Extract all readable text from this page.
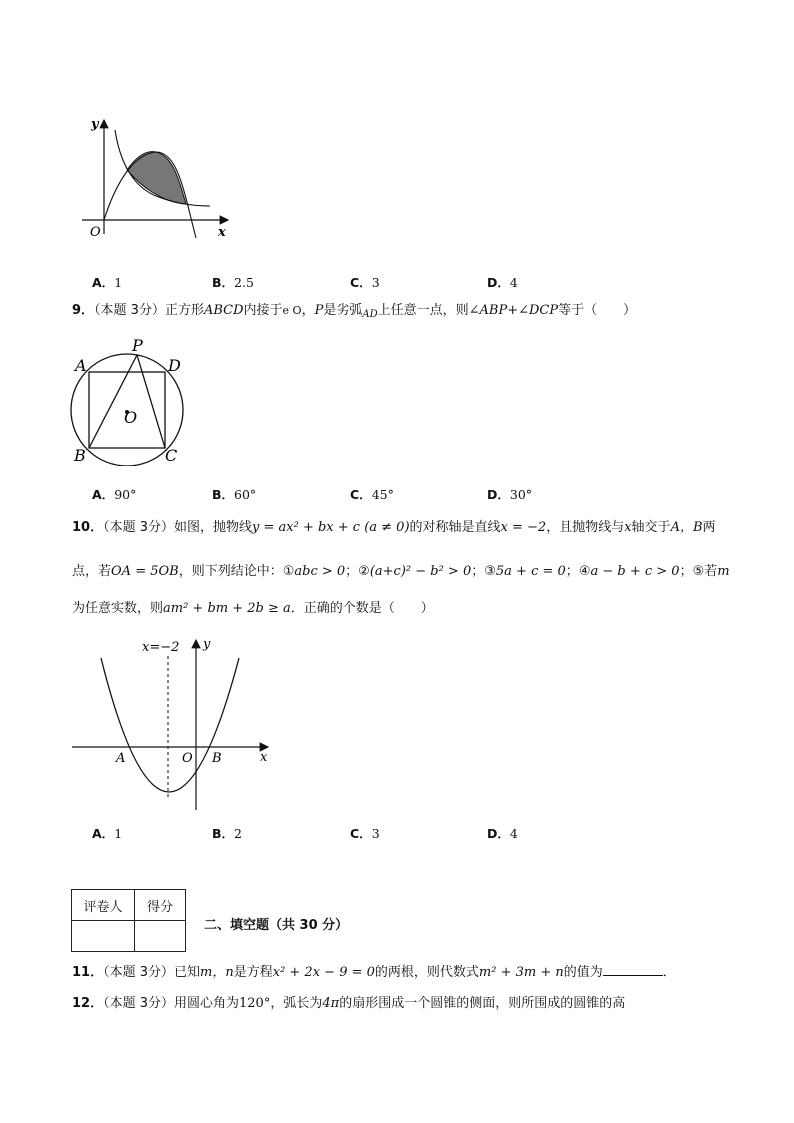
y
x
O
A．1	B．2.5	C．3	D．4
9．（本题 3分）正方形ABCD内接于e O，P是劣弧$_{AD}$上任意一点，则∠ABP+∠DCP等于（　　）
A
P
D
O
B	C
A．90°	B．60°	C．45°	D．30°
10．（本题 3分）如图，抛物线y = ax² + bx + c (a ≠ 0)的对称轴是直线x = −2，且抛物线与x轴交于A，B两
点，若OA = 5OB，则下列结论中：①abc > 0；②(a+c)² − b² > 0；③5a + c = 0；④a − b + c > 0；⑤若m
为任意实数，则am² + bm + 2b ≥ a．正确的个数是（　　）
x=−2 y
x
A	O B
A．1	B．2	C．3	D．4
评卷人	得分

二、填空题（共 30 分）
11．（本题 3分）已知m，n是方程x² + 2x − 9 = 0的两根，则代数式m² + 3m + n的值为	．
12．（本题 3分）用圆心角为120°，弧长为4π的扇形围成一个圆锥的侧面，则所围成的圆锥的高
